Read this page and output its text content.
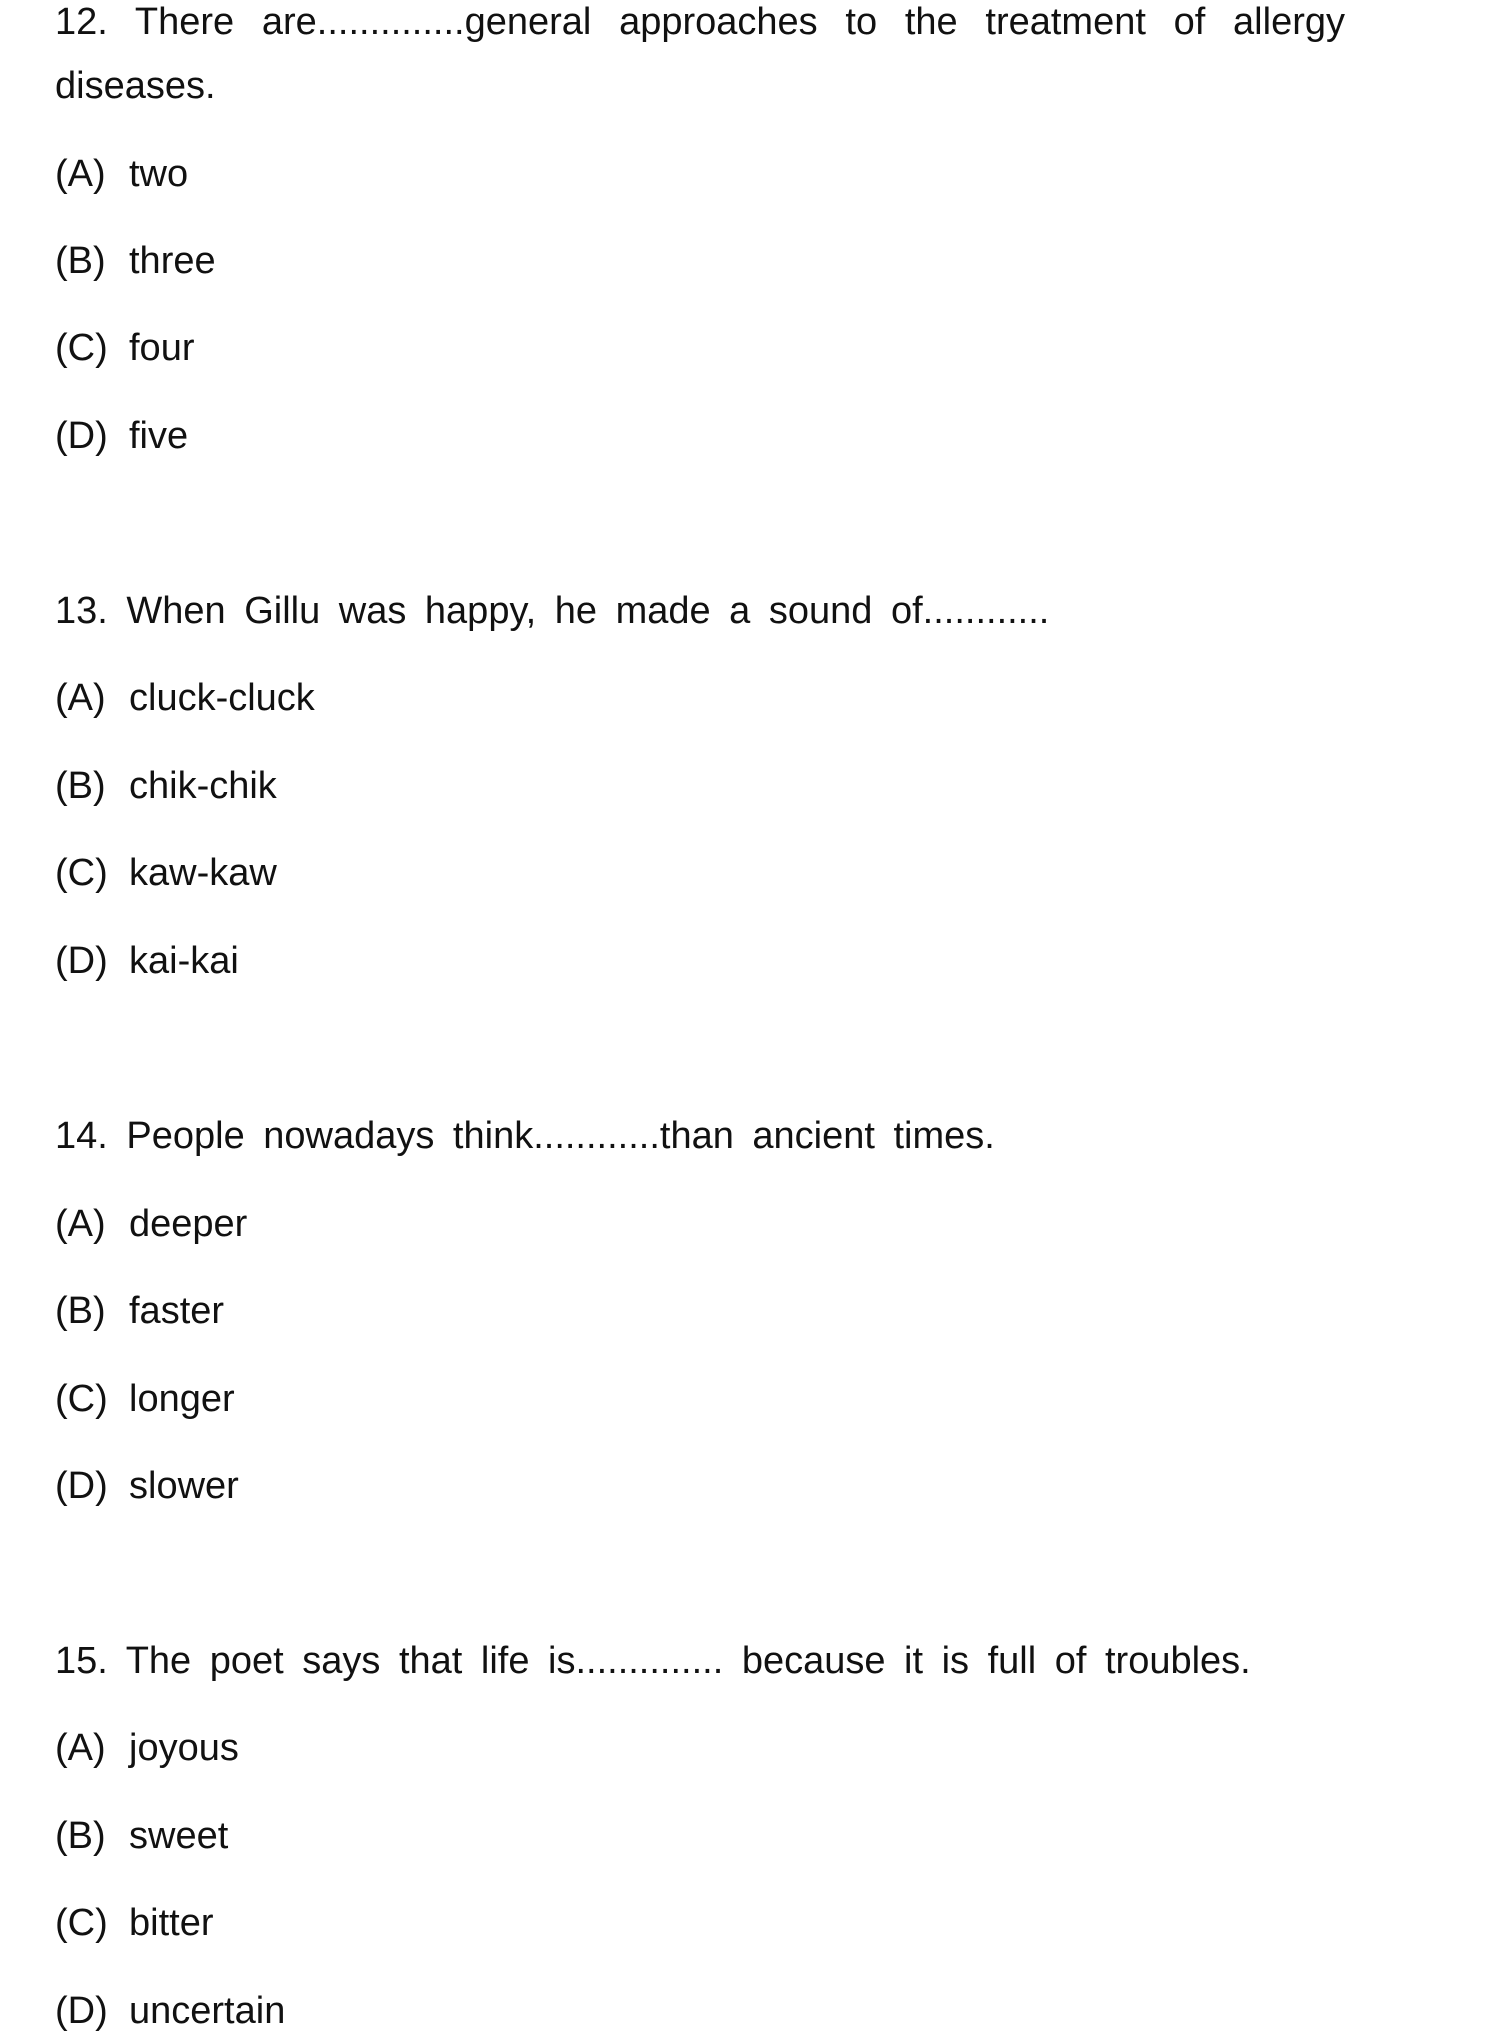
12. There are..............general approaches to the treatment of allergy
diseases.
(A) two
(B) three
(C) four
(D) five
13. When Gillu was happy, he made a sound of............
(A) cluck-cluck
(B) chik-chik
(C) kaw-kaw
(D) kai-kai
14. People nowadays think............than ancient times.
(A) deeper
(B) faster
(C) longer
(D) slower
15. The poet says that life is.............. because it is full of troubles.
(A) joyous
(B) sweet
(C) bitter
(D) uncertain
